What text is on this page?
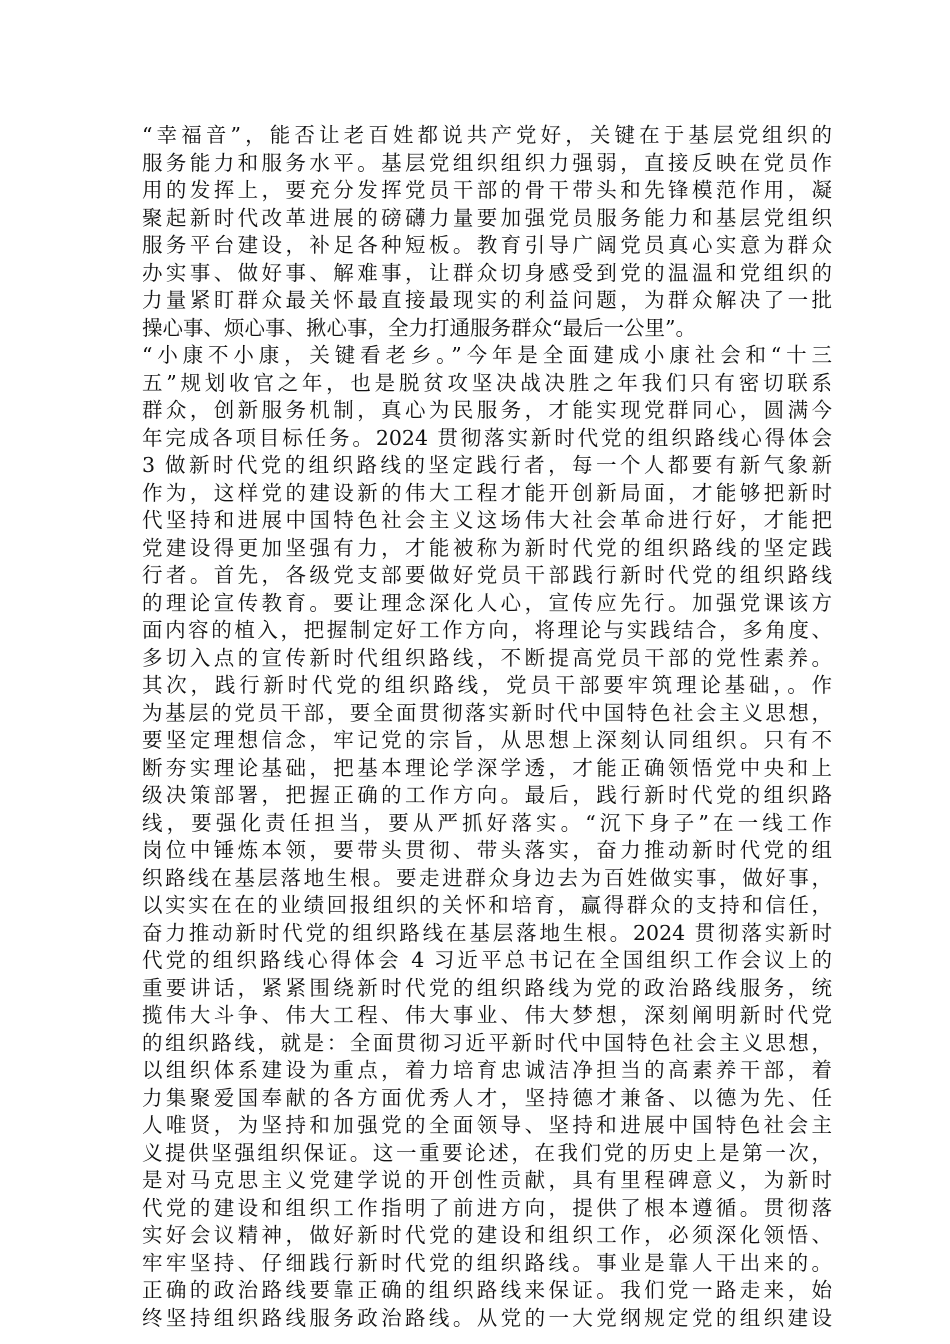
“幸福音”，能否让老百姓都说共产党好，关键在于基层党组织的
服务能力和服务水平。基层党组织组织力强弱，直接反映在党员作
用的发挥上，要充分发挥党员干部的骨干带头和先锋模范作用，凝
聚起新时代改革进展的磅礴力量要加强党员服务能力和基层党组织
服务平台建设，补足各种短板。教育引导广阔党员真心实意为群众
办实事、做好事、解难事，让群众切身感受到党的温温和党组织的
力量紧盯群众最关怀最直接最现实的利益问题，为群众解决了一批
操心事、烦心事、揪心事，全力打通服务群众“最后一公里”。
“小康不小康，关键看老乡。”今年是全面建成小康社会和“十三
五”规划收官之年，也是脱贫攻坚决战决胜之年我们只有密切联系
群众，创新服务机制，真心为民服务，才能实现党群同心，圆满今
年完成各项目标任务。2024 贯彻落实新时代党的组织路线心得体会
3 做新时代党的组织路线的坚定践行者，每一个人都要有新气象新
作为，这样党的建设新的伟大工程才能开创新局面，才能够把新时
代坚持和进展中国特色社会主义这场伟大社会革命进行好，才能把
党建设得更加坚强有力，才能被称为新时代党的组织路线的坚定践
行者。首先，各级党支部要做好党员干部践行新时代党的组织路线
的理论宣传教育。要让理念深化人心，宣传应先行。加强党课该方
面内容的植入，把握制定好工作方向，将理论与实践结合，多角度、
多切入点的宣传新时代组织路线，不断提高党员干部的党性素养。
其次，践行新时代党的组织路线，党员干部要牢筑理论基础，。作
为基层的党员干部，要全面贯彻落实新时代中国特色社会主义思想，
要坚定理想信念，牢记党的宗旨，从思想上深刻认同组织。只有不
断夯实理论基础，把基本理论学深学透，才能正确领悟党中央和上
级决策部署，把握正确的工作方向。最后，践行新时代党的组织路
线，要强化责任担当，要从严抓好落实。“沉下身子”在一线工作
岗位中锤炼本领，要带头贯彻、带头落实，奋力推动新时代党的组
织路线在基层落地生根。要走进群众身边去为百姓做实事，做好事，
以实实在在的业绩回报组织的关怀和培育，赢得群众的支持和信任，
奋力推动新时代党的组织路线在基层落地生根。2024 贯彻落实新时
代党的组织路线心得体会 4 习近平总书记在全国组织工作会议上的
重要讲话，紧紧围绕新时代党的组织路线为党的政治路线服务，统
揽伟大斗争、伟大工程、伟大事业、伟大梦想，深刻阐明新时代党
的组织路线，就是：全面贯彻习近平新时代中国特色社会主义思想，
以组织体系建设为重点，着力培育忠诚洁净担当的高素养干部，着
力集聚爱国奉献的各方面优秀人才，坚持德才兼备、以德为先、任
人唯贤，为坚持和加强党的全面领导、坚持和进展中国特色社会主
义提供坚强组织保证。这一重要论述，在我们党的历史上是第一次，
是对马克思主义党建学说的开创性贡献，具有里程碑意义，为新时
代党的建设和组织工作指明了前进方向，提供了根本遵循。贯彻落
实好会议精神，做好新时代党的建设和组织工作，必须深化领悟、
牢牢坚持、仔细践行新时代党的组织路线。事业是靠人干出来的。
正确的政治路线要靠正确的组织路线来保证。我们党一路走来，始
终坚持组织路线服务政治路线。从党的一大党纲规定党的组织建设
